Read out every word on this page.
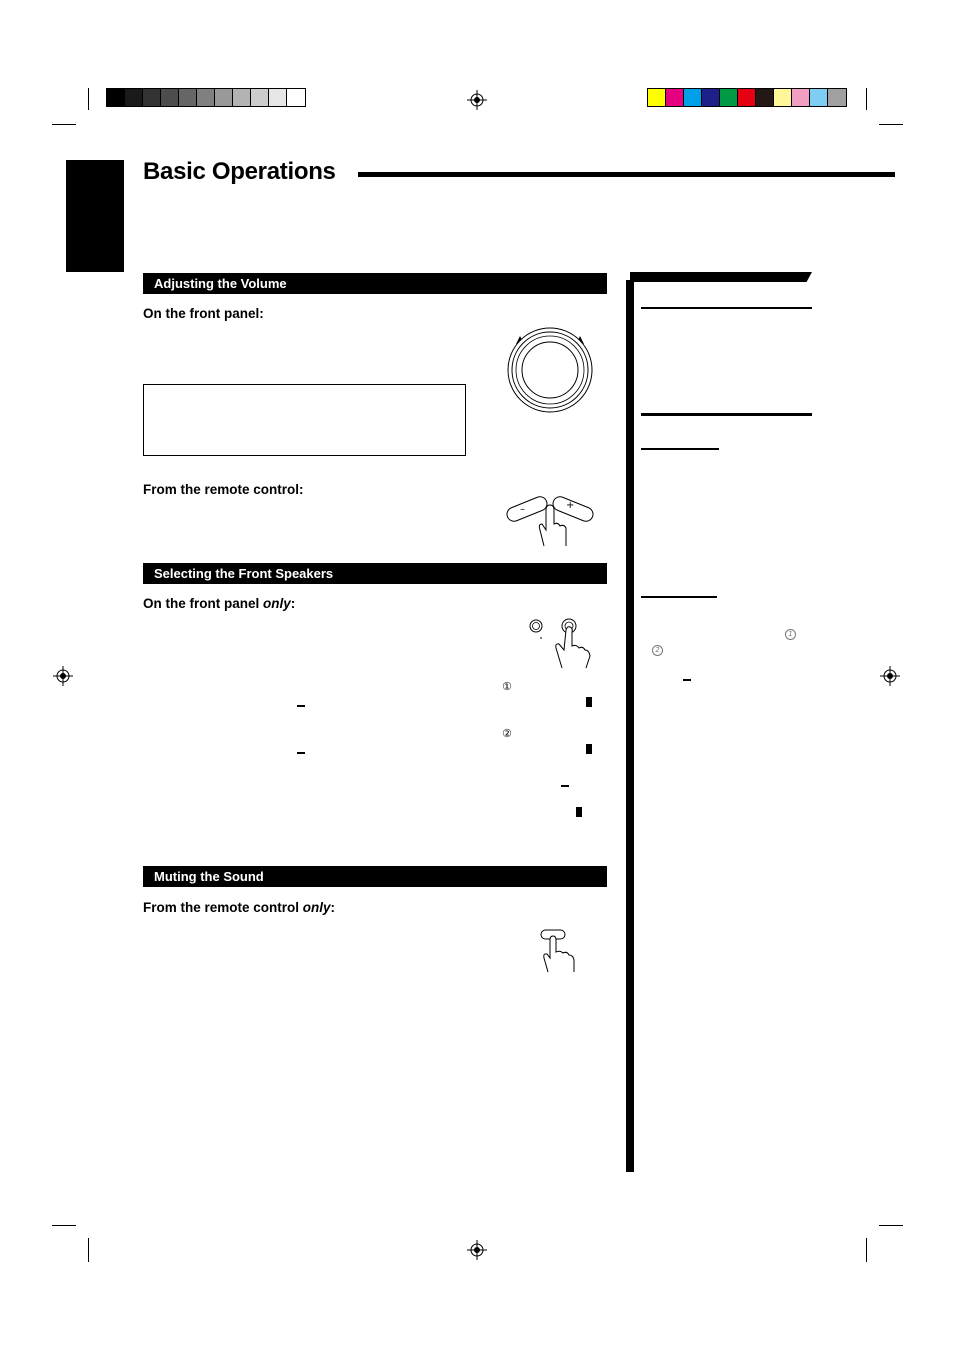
Basic Operations
Adjusting the Volume

On the front panel:

From the remote control:

–	+
Selecting the Front Speakers

On the front panel only:

①
②
Muting the Sound

From the remote control only:

1
2
